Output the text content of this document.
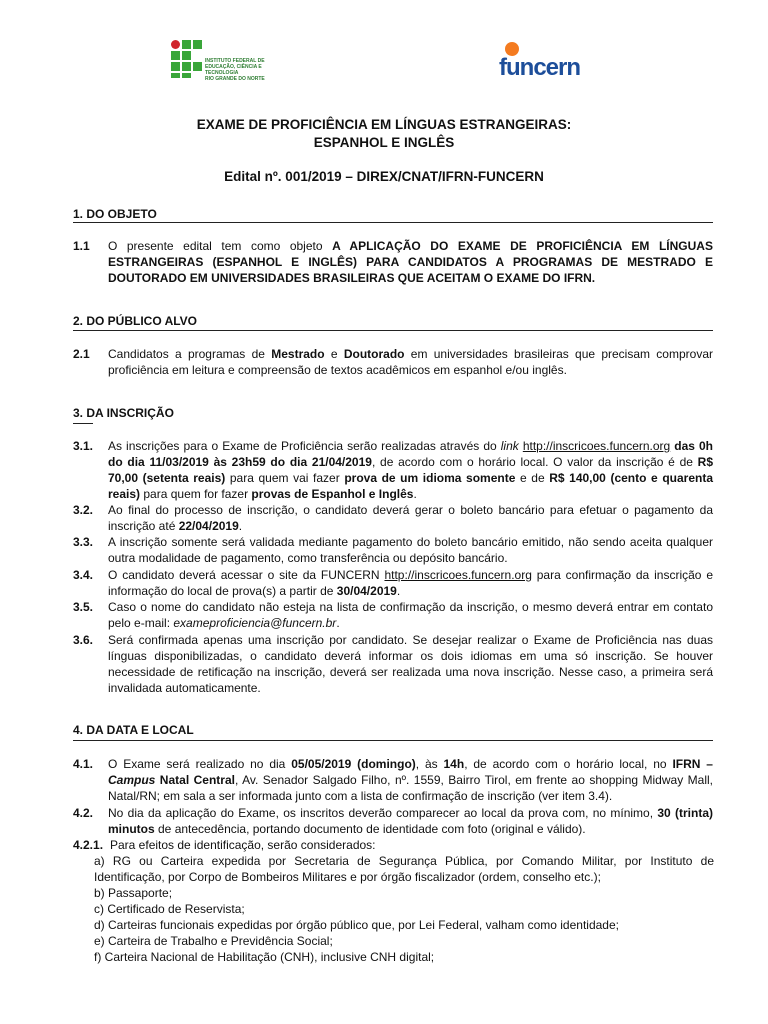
INSTITUTO FEDERAL DE
EDUCAÇÃO, CIÊNCIA E TECNOLOGIA
RIO GRANDE DO NORTE	funcern
EXAME DE PROFICIÊNCIA EM LÍNGUAS ESTRANGEIRAS:
ESPANHOL E INGLÊS
Edital nº. 001/2019 – DIREX/CNAT/IFRN-FUNCERN
1. DO OBJETO
1.1 O presente edital tem como objeto A APLICAÇÃO DO EXAME DE PROFICIÊNCIA EM LÍNGUAS ESTRANGEIRAS (ESPANHOL E INGLÊS) PARA CANDIDATOS A PROGRAMAS DE MESTRADO E DOUTORADO EM UNIVERSIDADES BRASILEIRAS QUE ACEITAM O EXAME DO IFRN.
2. DO PÚBLICO ALVO
2.1 Candidatos a programas de Mestrado e Doutorado em universidades brasileiras que precisam comprovar proficiência em leitura e compreensão de textos acadêmicos em espanhol e/ou inglês.
3. DA INSCRIÇÃO
3.1. As inscrições para o Exame de Proficiência serão realizadas através do link http://inscricoes.funcern.org das 0h do dia 11/03/2019 às 23h59 do dia 21/04/2019, de acordo com o horário local. O valor da inscrição é de R$ 70,00 (setenta reais) para quem vai fazer prova de um idioma somente e de R$ 140,00 (cento e quarenta reais) para quem for fazer provas de Espanhol e Inglês.
3.2. Ao final do processo de inscrição, o candidato deverá gerar o boleto bancário para efetuar o pagamento da inscrição até 22/04/2019.
3.3. A inscrição somente será validada mediante pagamento do boleto bancário emitido, não sendo aceita qualquer outra modalidade de pagamento, como transferência ou depósito bancário.
3.4. O candidato deverá acessar o site da FUNCERN http://inscricoes.funcern.org para confirmação da inscrição e informação do local de prova(s) a partir de 30/04/2019.
3.5. Caso o nome do candidato não esteja na lista de confirmação da inscrição, o mesmo deverá entrar em contato pelo e-mail: exameproficiencia@funcern.br.
3.6. Será confirmada apenas uma inscrição por candidato. Se desejar realizar o Exame de Proficiência nas duas línguas disponibilizadas, o candidato deverá informar os dois idiomas em uma só inscrição. Se houver necessidade de retificação na inscrição, deverá ser realizada uma nova inscrição. Nesse caso, a primeira será invalidada automaticamente.
4. DA DATA E LOCAL
4.1. O Exame será realizado no dia 05/05/2019 (domingo), às 14h, de acordo com o horário local, no IFRN – Campus Natal Central, Av. Senador Salgado Filho, nº. 1559, Bairro Tirol, em frente ao shopping Midway Mall, Natal/RN; em sala a ser informada junto com a lista de confirmação de inscrição (ver item 3.4).
4.2. No dia da aplicação do Exame, os inscritos deverão comparecer ao local da prova com, no mínimo, 30 (trinta) minutos de antecedência, portando documento de identidade com foto (original e válido).
4.2.1. Para efeitos de identificação, serão considerados:
a) RG ou Carteira expedida por Secretaria de Segurança Pública, por Comando Militar, por Instituto de Identificação, por Corpo de Bombeiros Militares e por órgão fiscalizador (ordem, conselho etc.);
b) Passaporte;
c) Certificado de Reservista;
d) Carteiras funcionais expedidas por órgão público que, por Lei Federal, valham como identidade;
e) Carteira de Trabalho e Previdência Social;
f) Carteira Nacional de Habilitação (CNH), inclusive CNH digital;
